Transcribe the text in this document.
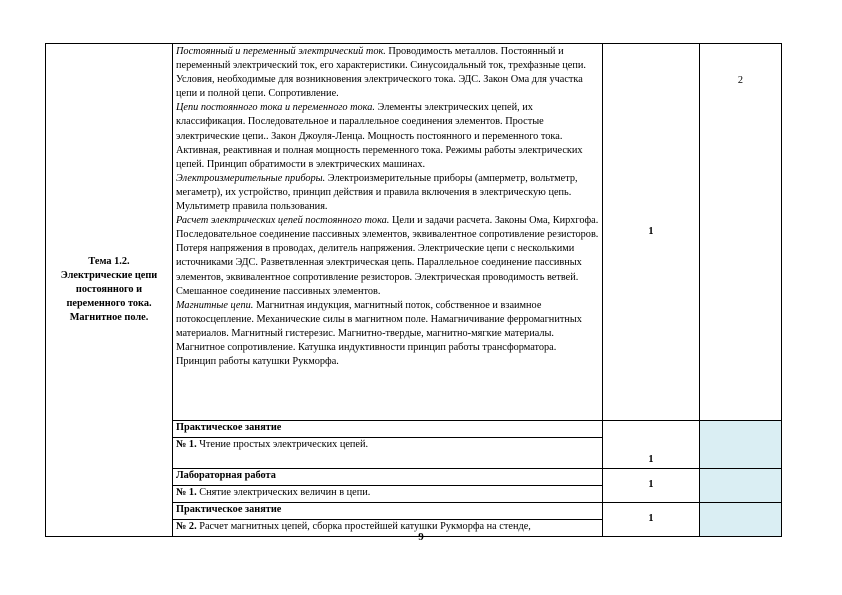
Тема 1.2.
Электрические цепи постоянного и переменного тока. Магнитное поле.	Постоянный и переменный электрический ток. Проводимость металлов. Постоянный и переменный электрический ток, его характеристики. Синусоидальный ток, трехфазные цепи. Условия, необходимые для возникновения электрического тока. ЭДС. Закон Ома для участка цепи и полной цепи. Сопротивление.
Цепи постоянного тока и переменного тока. Элементы электрических цепей, их классификация. Последовательное и параллельное соединения элементов. Простые электрические цепи.. Закон Джоуля-Ленца. Мощность постоянного и переменного тока. Активная, реактивная и полная мощность переменного тока. Режимы работы электрических цепей. Принцип обратимости в электрических машинах.
Электроизмерительные приборы. Электроизмерительные приборы (амперметр, вольтметр, мегаметр), их устройство, принцип действия и правила включения в электрическую цепь. Мультиметр правила пользования.
Расчет электрических цепей постоянного тока. Цели и задачи расчета. Законы Ома, Кирхгофа. Последовательное соединение пассивных элементов, эквивалентное сопротивление резисторов. Потеря напряжения в проводах, делитель напряжения. Электрические цепи с несколькими источниками ЭДС. Разветвленная электрическая цепь. Параллельное соединение пассивных элементов, эквивалентное сопротивление резисторов. Электрическая проводимость ветвей. Смешанное соединение пассивных элементов.
Магнитные цепи. Магнитная индукция, магнитный поток, собственное и взаимное потокосцепление. Механические силы в магнитном поле. Намагничивание ферромагнитных материалов. Магнитный гистерезис. Магнитно-твердые, магнитно-мягкие материалы. Магнитное сопротивление. Катушка индуктивности принцип работы трансформатора. Принцип работы катушки Рукморфа.	1	2
	Практическое занятие	1	
	№ 1. Чтение простых электрических цепей.		
	Лабораторная работа	1	
	№ 1. Снятие электрических величин в цепи.		
	Практическое занятие	1	
	№ 2. Расчет магнитных цепей, сборка простейшей катушки Рукморфа на стенде,		
9
